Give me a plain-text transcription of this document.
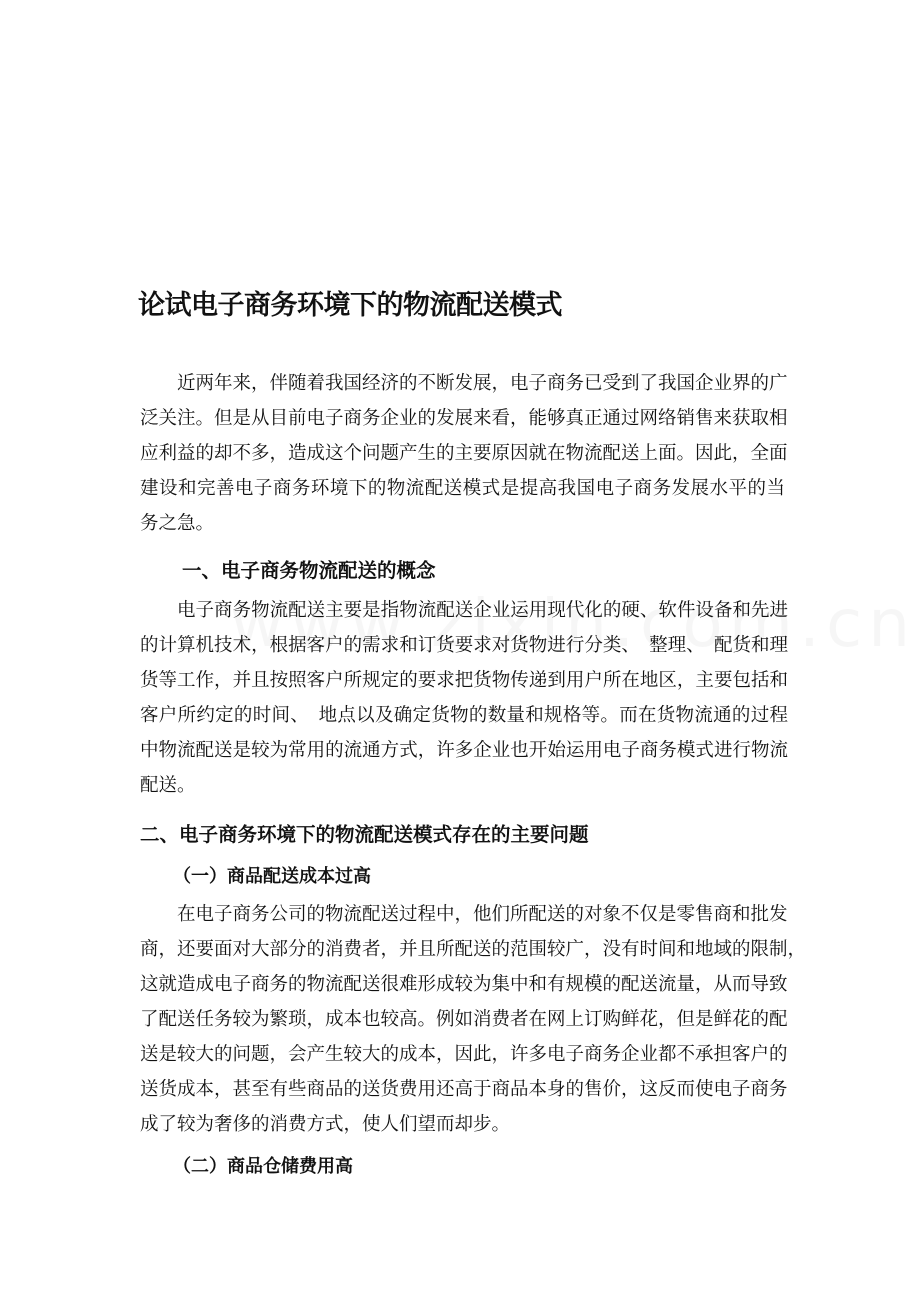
论试电子商务环境下的物流配送模式
　　近两年来，伴随着我国经济的不断发展，电子商务已受到了我国企业界的广
泛关注。但是从目前电子商务企业的发展来看，能够真正通过网络销售来获取相
应利益的却不多，造成这个问题产生的主要原因就在物流配送上面。因此，全面
建设和完善电子商务环境下的物流配送模式是提高我国电子商务发展水平的当
务之急。
一、电子商务物流配送的概念
　　电子商务物流配送主要是指物流配送企业运用现代化的硬、软件设备和先进
的计算机技术，根据客户的需求和订货要求对货物进行分类、　整理、　配货和理
货等工作，并且按照客户所规定的要求把货物传递到用户所在地区，主要包括和
客户所约定的时间、　地点以及确定货物的数量和规格等。而在货物流通的过程
中物流配送是较为常用的流通方式，许多企业也开始运用电子商务模式进行物流
配送。
二、电子商务环境下的物流配送模式存在的主要问题
（一）商品配送成本过高
　　在电子商务公司的物流配送过程中，他们所配送的对象不仅是零售商和批发
商，还要面对大部分的消费者，并且所配送的范围较广，没有时间和地域的限制，
这就造成电子商务的物流配送很难形成较为集中和有规模的配送流量，从而导致
了配送任务较为繁琐，成本也较高。例如消费者在网上订购鲜花，但是鲜花的配
送是较大的问题，会产生较大的成本，因此，许多电子商务企业都不承担客户的
送货成本，甚至有些商品的送货费用还高于商品本身的售价，这反而使电子商务
成了较为奢侈的消费方式，使人们望而却步。
（二）商品仓储费用高
